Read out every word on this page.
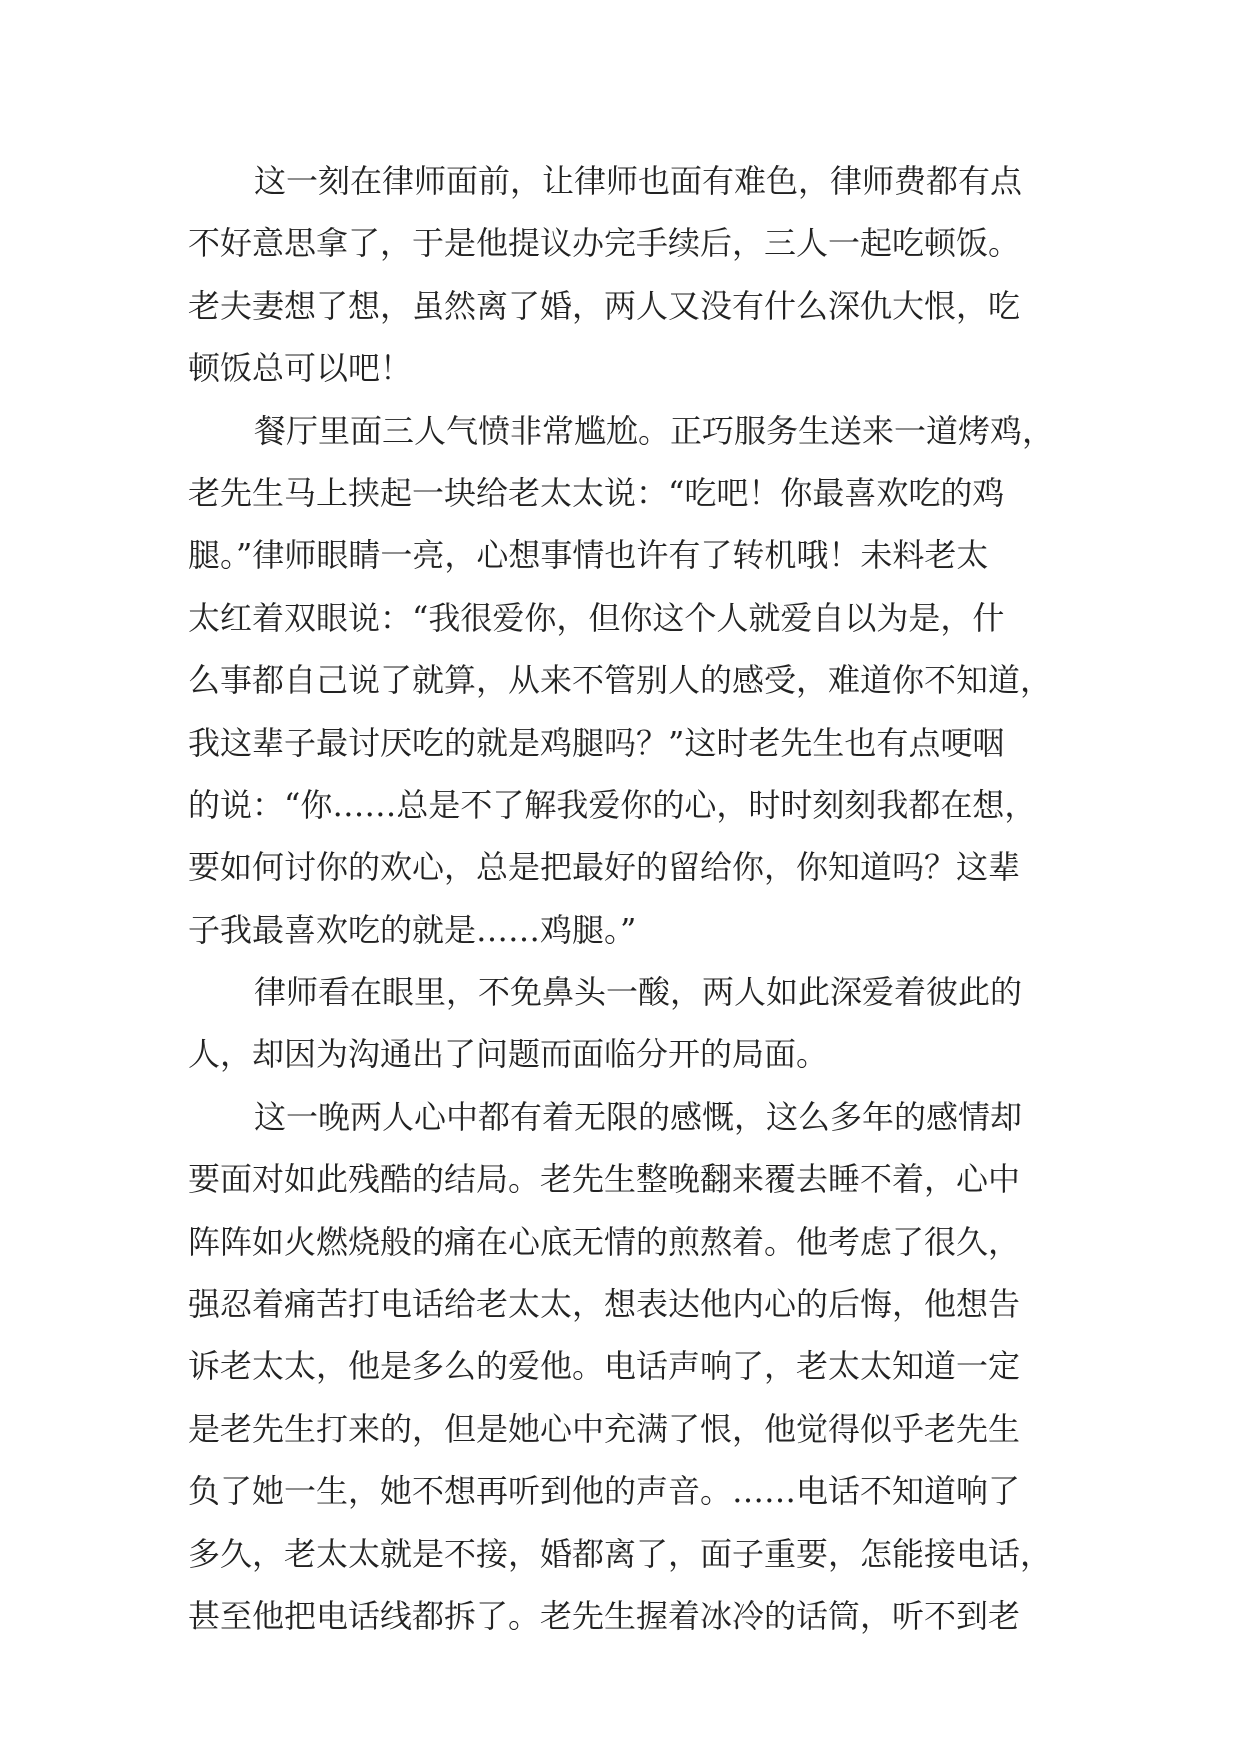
这一刻在律师面前，让律师也面有难色，律师费都有点
不好意思拿了，于是他提议办完手续后，三人一起吃顿饭。
老夫妻想了想，虽然离了婚，两人又没有什么深仇大恨，吃
顿饭总可以吧！
餐厅里面三人气愤非常尴尬。正巧服务生送来一道烤鸡，
老先生马上挟起一块给老太太说：“吃吧！你最喜欢吃的鸡
腿。”律师眼睛一亮，心想事情也许有了转机哦！未料老太
太红着双眼说：“我很爱你，但你这个人就爱自以为是，什
么事都自己说了就算，从来不管别人的感受，难道你不知道，
我这辈子最讨厌吃的就是鸡腿吗？”这时老先生也有点哽咽
的说：“你……总是不了解我爱你的心，时时刻刻我都在想，
要如何讨你的欢心，总是把最好的留给你，你知道吗？这辈
子我最喜欢吃的就是……鸡腿。”
律师看在眼里，不免鼻头一酸，两人如此深爱着彼此的
人，却因为沟通出了问题而面临分开的局面。
这一晚两人心中都有着无限的感慨，这么多年的感情却
要面对如此残酷的结局。老先生整晚翻来覆去睡不着，心中
阵阵如火燃烧般的痛在心底无情的煎熬着。他考虑了很久，
强忍着痛苦打电话给老太太，想表达他内心的后悔，他想告
诉老太太，他是多么的爱他。电话声响了，老太太知道一定
是老先生打来的，但是她心中充满了恨，他觉得似乎老先生
负了她一生，她不想再听到他的声音。……电话不知道响了
多久，老太太就是不接，婚都离了，面子重要，怎能接电话，
甚至他把电话线都拆了。老先生握着冰冷的话筒，听不到老
